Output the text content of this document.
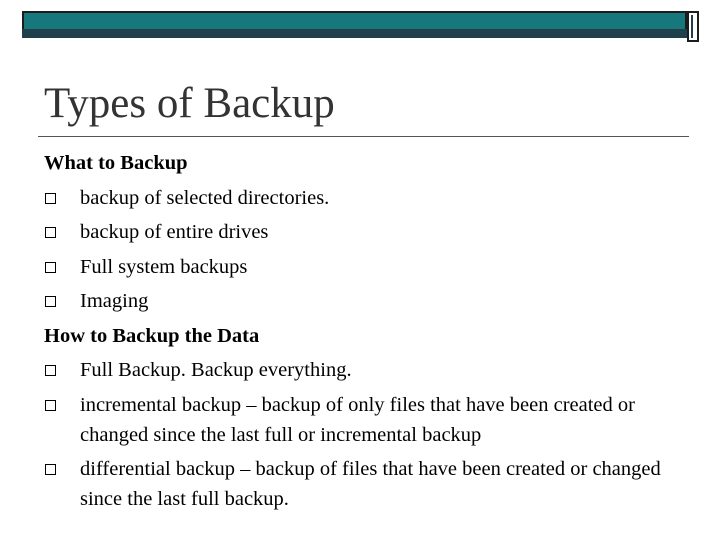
Types of Backup
What to Backup
backup of selected directories.
backup of entire drives
Full system backups
Imaging
How to Backup the Data
Full Backup. Backup everything.
incremental backup – backup of only files that have been created or changed since the last full or incremental backup
differential backup – backup of files that have been created or changed since the last full backup.
